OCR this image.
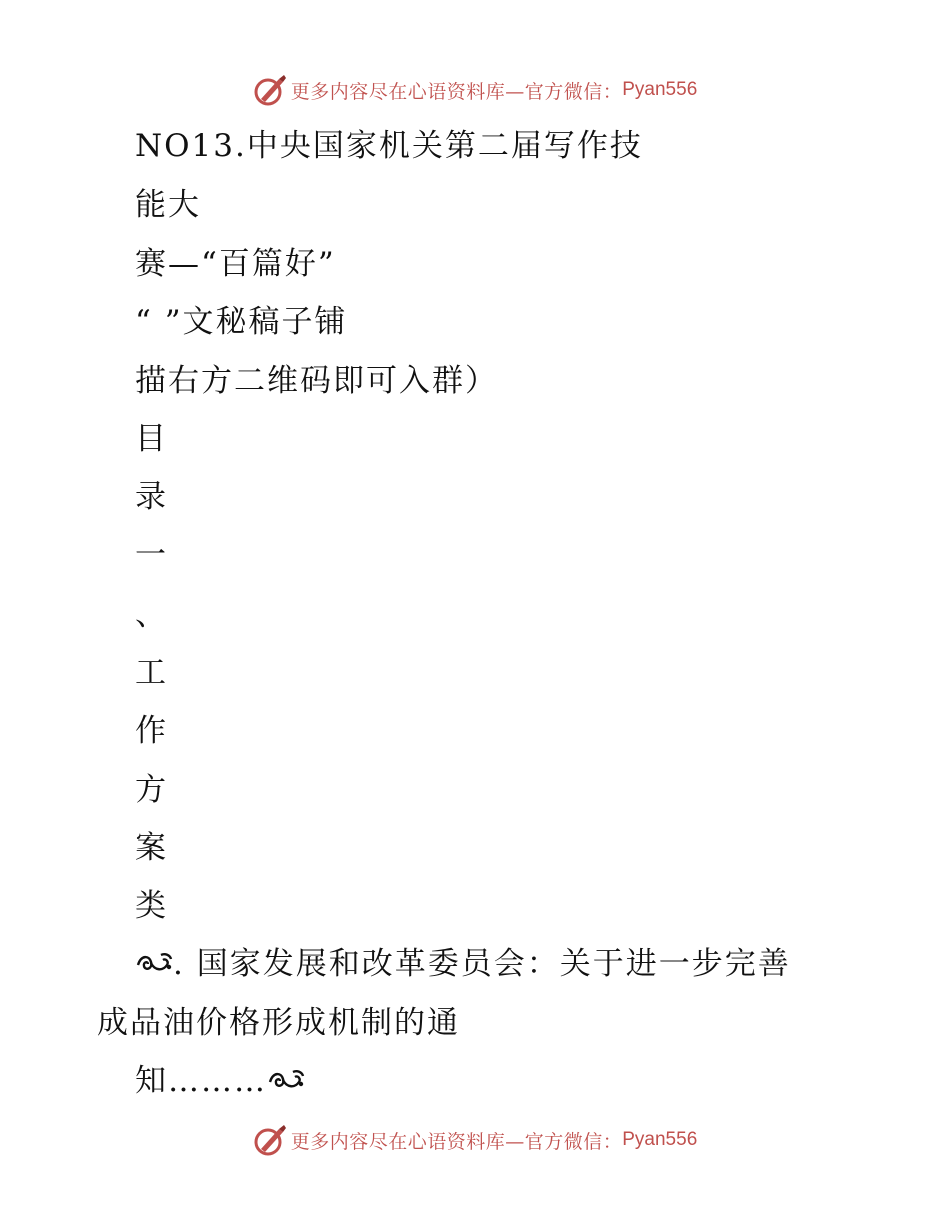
更多内容尽在心语资料库—官方微信： Pyan556
NO13.中央国家机关第二届写作技
能大
赛—“百篇好”
“ ”文秘稿子铺
描右方二维码即可入群）
目
录
一
、
工
作
方
案
类
. 国家发展和改革委员会：关于进一步完善
成品油价格形成机制的通
知………
更多内容尽在心语资料库—官方微信： Pyan556
